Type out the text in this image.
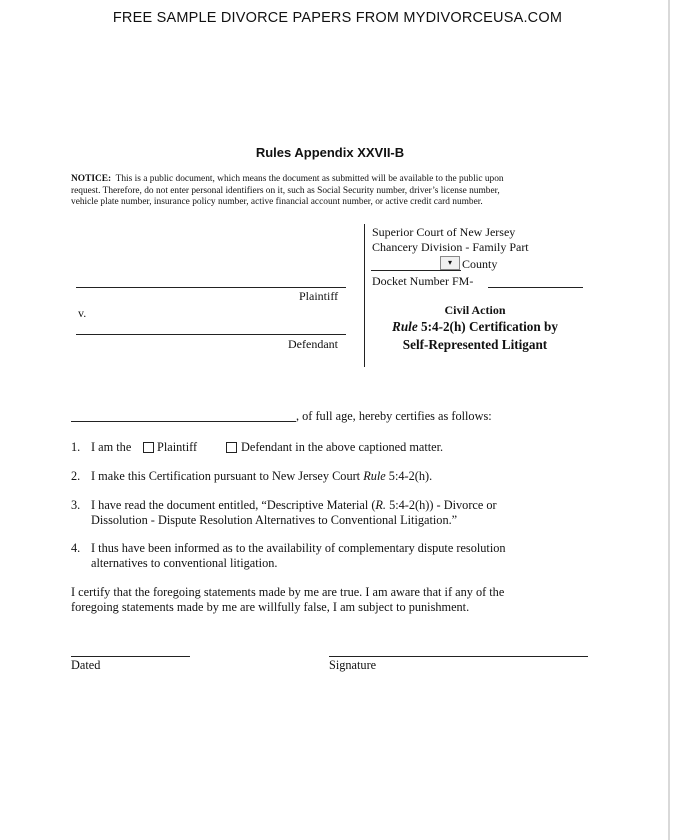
FREE SAMPLE DIVORCE PAPERS FROM MYDIVORCEUSA.COM
Rules Appendix XXVII-B
NOTICE: This is a public document, which means the document as submitted will be available to the public upon
request. Therefore, do not enter personal identifiers on it, such as Social Security number, driver’s license number,
vehicle plate number, insurance policy number, active financial account number, or active credit card number.
Plaintiff
v.
Defendant
Superior Court of New Jersey
Chancery Division - Family Part
▾ County
Docket Number FM-
Civil Action
Rule 5:4-2(h) Certification by
Self-Represented Litigant
, of full age, hereby certifies as follows:
1. I am the Plaintiff	Defendant in the above captioned matter.
2. I make this Certification pursuant to New Jersey Court Rule 5:4-2(h).
3. I have read the document entitled, “Descriptive Material (R. 5:4-2(h)) - Divorce or
Dissolution - Dispute Resolution Alternatives to Conventional Litigation.”
4. I thus have been informed as to the availability of complementary dispute resolution
alternatives to conventional litigation.
I certify that the foregoing statements made by me are true. I am aware that if any of the
foregoing statements made by me are willfully false, I am subject to punishment.
Dated	Signature
